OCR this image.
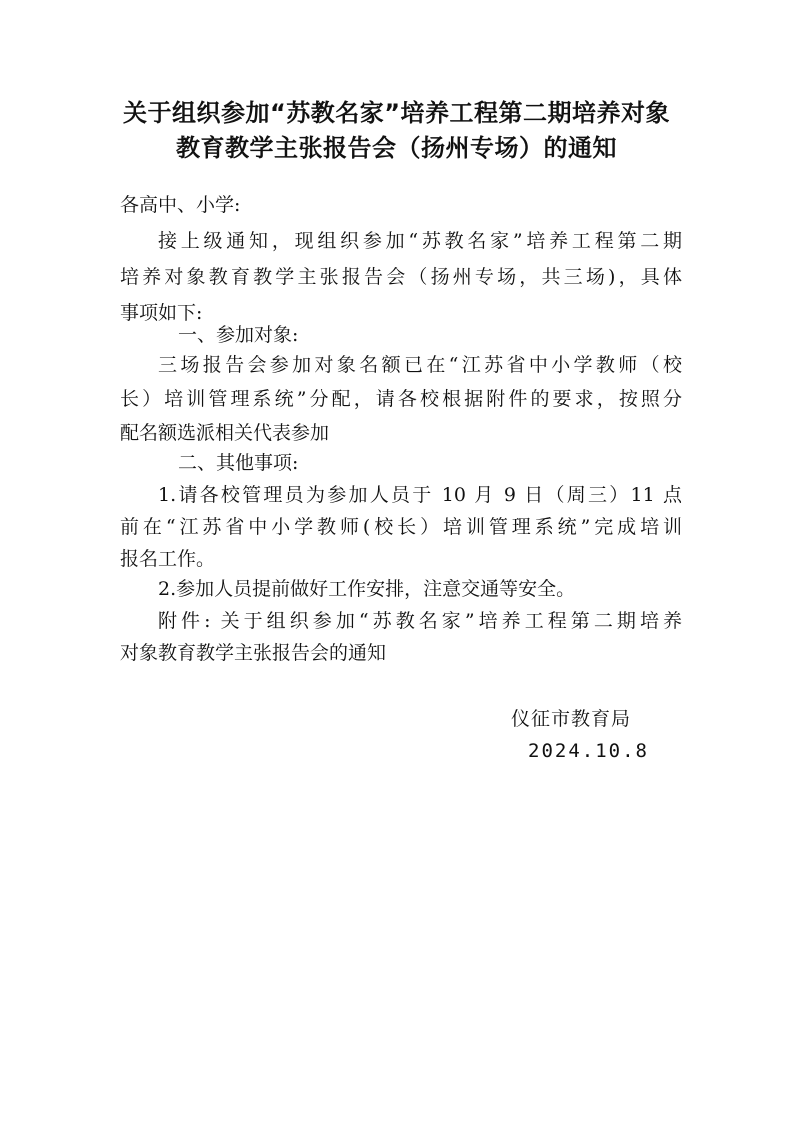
关于组织参加“苏教名家”培养工程第二期培养对象
教育教学主张报告会（扬州专场）的通知

各高中、小学:

接上级通知，现组织参加“苏教名家”培养工程第二期

培养对象教育教学主张报告会（扬州专场，共三场)，具体

事项如下:

一、参加对象:

三场报告会参加对象名额已在“江苏省中小学教师（校

长）培训管理系统”分配，请各校根据附件的要求，按照分

配名额选派相关代表参加

二、其他事项:

1.请各校管理员为参加人员于 10 月 9 日（周三）11 点

前在“江苏省中小学教师(校长）培训管理系统”完成培训

报名工作。

2.参加人员提前做好工作安排，注意交通等安全。

附件: 关于组织参加“苏教名家”培养工程第二期培养

对象教育教学主张报告会的通知

仪征市教育局
2024.10.8
